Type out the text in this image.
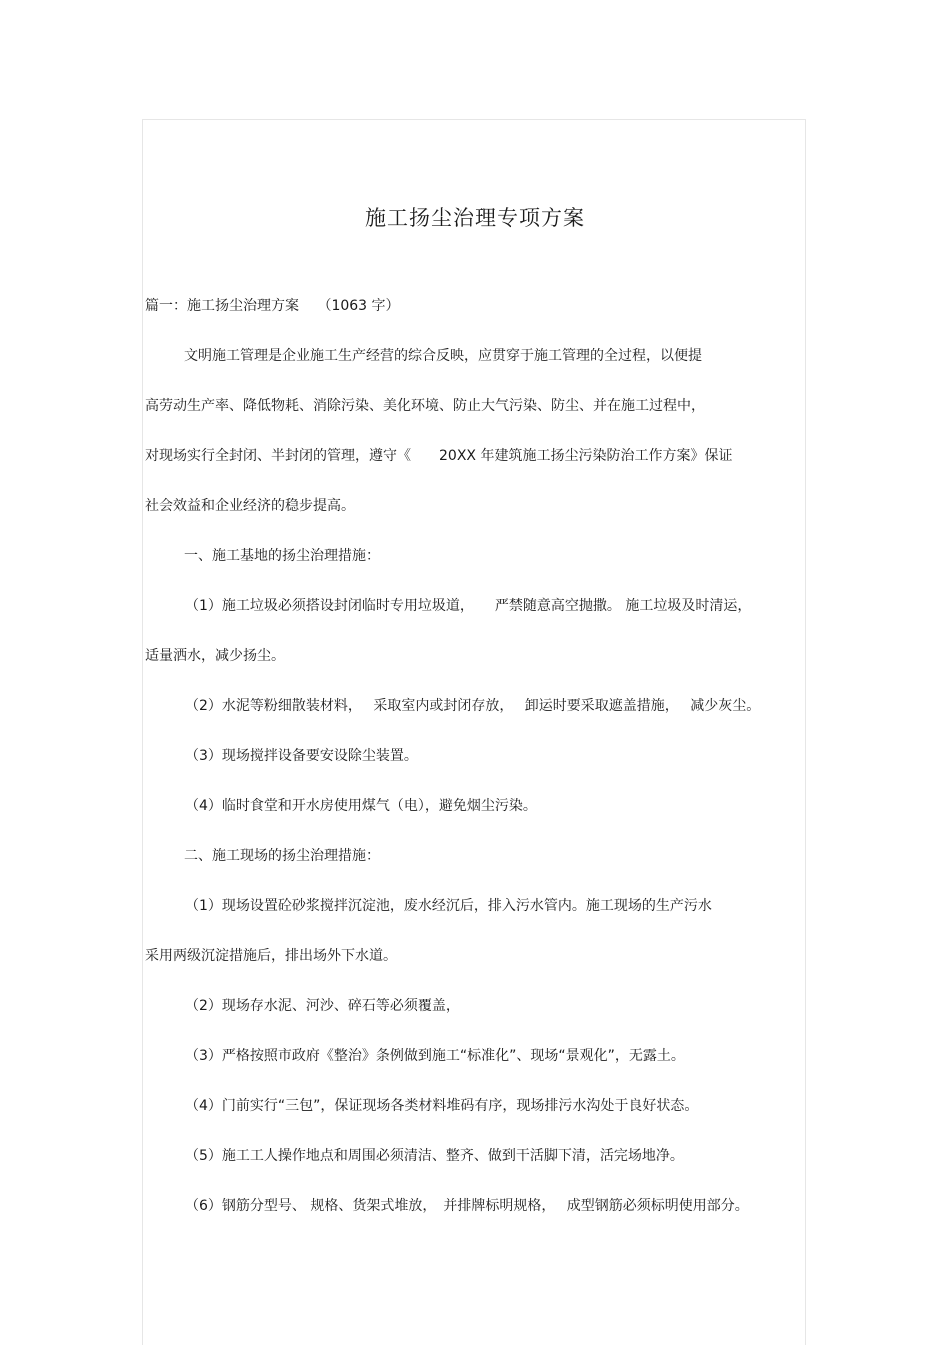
施工扬尘治理专项方案
篇一：施工扬尘治理方案　 （1063 字）
文明施工管理是企业施工生产经营的综合反映，应贯穿于施工管理的全过程，以便提
高劳动生产率、降低物耗、消除污染、美化环境、防止大气污染、防尘、并在施工过程中，
对现场实行全封闭、半封闭的管理，遵守《　　20XX 年建筑施工扬尘污染防治工作方案》保证
社会效益和企业经济的稳步提高。
一、施工基地的扬尘治理措施：
（1）施工垃圾必须搭设封闭临时专用垃圾道，　　严禁随意高空抛撒。 施工垃圾及时清运，
适量洒水，减少扬尘。
（2）水泥等粉细散装材料，　 采取室内或封闭存放，　 卸运时要采取遮盖措施，　 减少灰尘。
（3）现场搅拌设备要安设除尘装置。
（4）临时食堂和开水房使用煤气（电），避免烟尘污染。
二、施工现场的扬尘治理措施：
（1）现场设置砼砂浆搅拌沉淀池，废水经沉后，排入污水管内。施工现场的生产污水
采用两级沉淀措施后，排出场外下水道。
（2）现场存水泥、河沙、碎石等必须覆盖，
（3）严格按照市政府《整治》条例做到施工“标准化”、现场“景观化”，无露土。
（4）门前实行“三包”，保证现场各类材料堆码有序，现场排污水沟处于良好状态。
（5）施工工人操作地点和周围必须清洁、整齐、做到干活脚下清，活完场地净。
（6）钢筋分型号、 规格、货架式堆放，　并排牌标明规格，　 成型钢筋必须标明使用部分。
